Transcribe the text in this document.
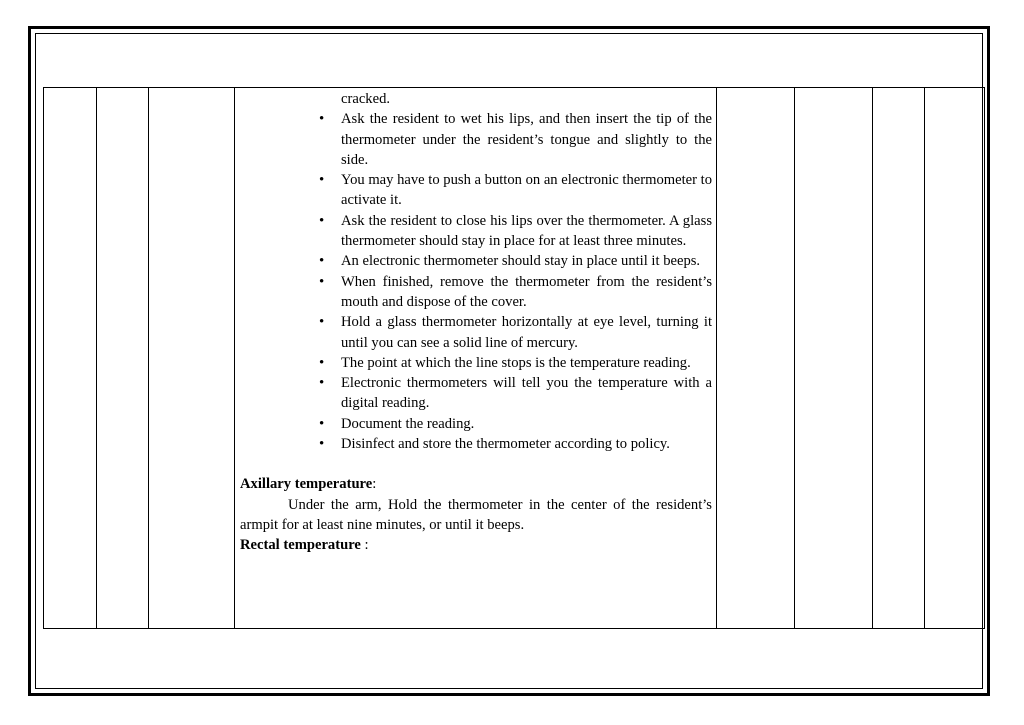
cracked.
• Ask the resident to wet his lips, and then insert the tip of the thermometer under the resident’s tongue and slightly to the side.
• You may have to push a button on an electronic thermometer to activate it.
• Ask the resident to close his lips over the thermometer. A glass thermometer should stay in place for at least three minutes.
• An electronic thermometer should stay in place until it beeps.
• When finished, remove the thermometer from the resident’s mouth and dispose of the cover.
• Hold a glass thermometer horizontally at eye level, turning it until you can see a solid line of mercury.
• The point at which the line stops is the temperature reading.
• Electronic thermometers will tell you the temperature with a digital reading.
• Document the reading.
• Disinfect and store the thermometer according to policy.
Axillary temperature:
Under the arm, Hold the thermometer in the center of the resident’s armpit for at least nine minutes, or until it beeps.
Rectal temperature :
